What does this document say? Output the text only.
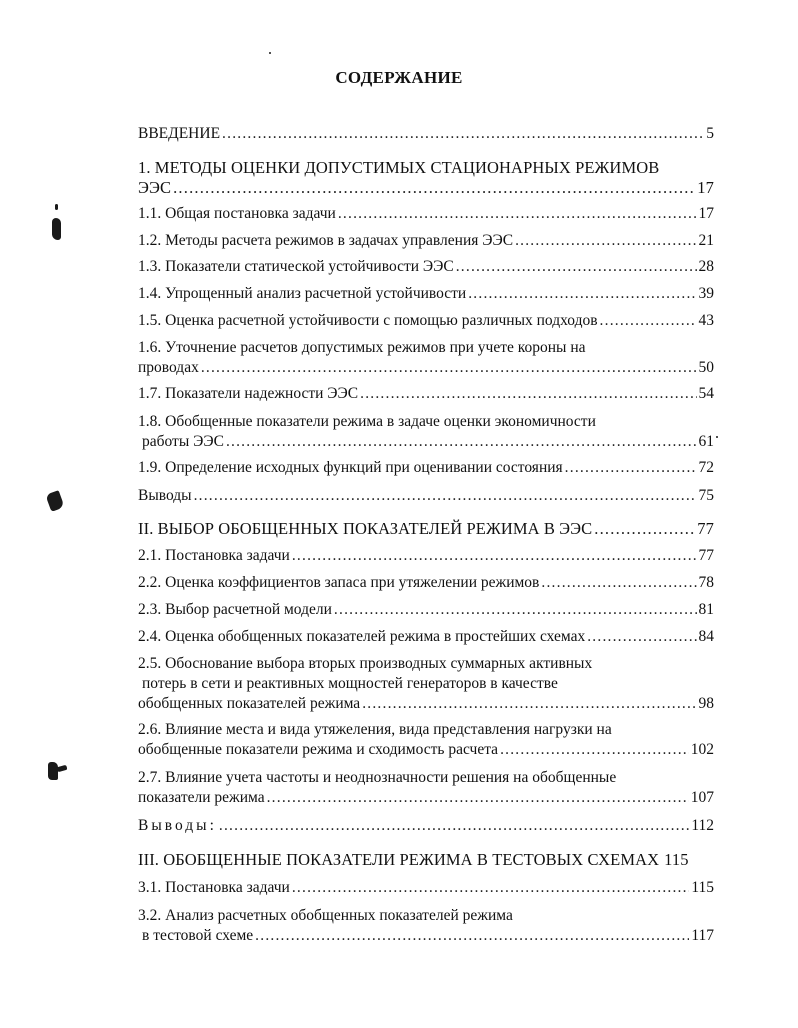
СОДЕРЖАНИЕ
ВВЕДЕНИЕ .....	5
1. МЕТОДЫ ОЦЕНКИ ДОПУСТИМЫХ СТАЦИОНАРНЫХ РЕЖИМОВ
ЭЭС .....	17
1.1. Общая постановка задачи .....	17
1.2. Методы расчета режимов в задачах управления ЭЭС .....	21
1.3. Показатели статической устойчивости ЭЭС .....	28
1.4. Упрощенный анализ расчетной устойчивости .....	39
1.5. Оценка расчетной устойчивости с помощью различных подходов .....	43
1.6. Уточнение расчетов допустимых режимов при учете короны на
проводах .....	50
1.7. Показатели надежности ЭЭС .....	54
1.8. Обобщенные показатели режима в задаче оценки экономичности
работы ЭЭС .....	61
1.9. Определение исходных функций при оценивании состояния .....	72
Выводы .....	75
II. ВЫБОР ОБОБЩЕННЫХ ПОКАЗАТЕЛЕЙ РЕЖИМА В ЭЭС .....	77
2.1. Постановка задачи .....	77
2.2. Оценка коэффициентов запаса при утяжелении режимов .....	78
2.3. Выбор расчетной модели .....	81
2.4. Оценка обобщенных показателей режима в простейших схемах .....	84
2.5. Обоснование выбора вторых производных суммарных активных
потерь в сети и реактивных мощностей генераторов в качестве
обобщенных показателей режима .....	98
2.6. Влияние места и вида утяжеления, вида представления нагрузки на
обобщенные показатели режима и сходимость расчета .....	102
2.7. Влияние учета частоты и неоднозначности решения на обобщенные
показатели режима .....	107
Выводы: .....	112
III. ОБОБЩЕННЫЕ ПОКАЗАТЕЛИ РЕЖИМА В ТЕСТОВЫХ СХЕМАХ 115
3.1. Постановка задачи .....	115
3.2. Анализ расчетных обобщенных показателей режима
в тестовой схеме .....	117
